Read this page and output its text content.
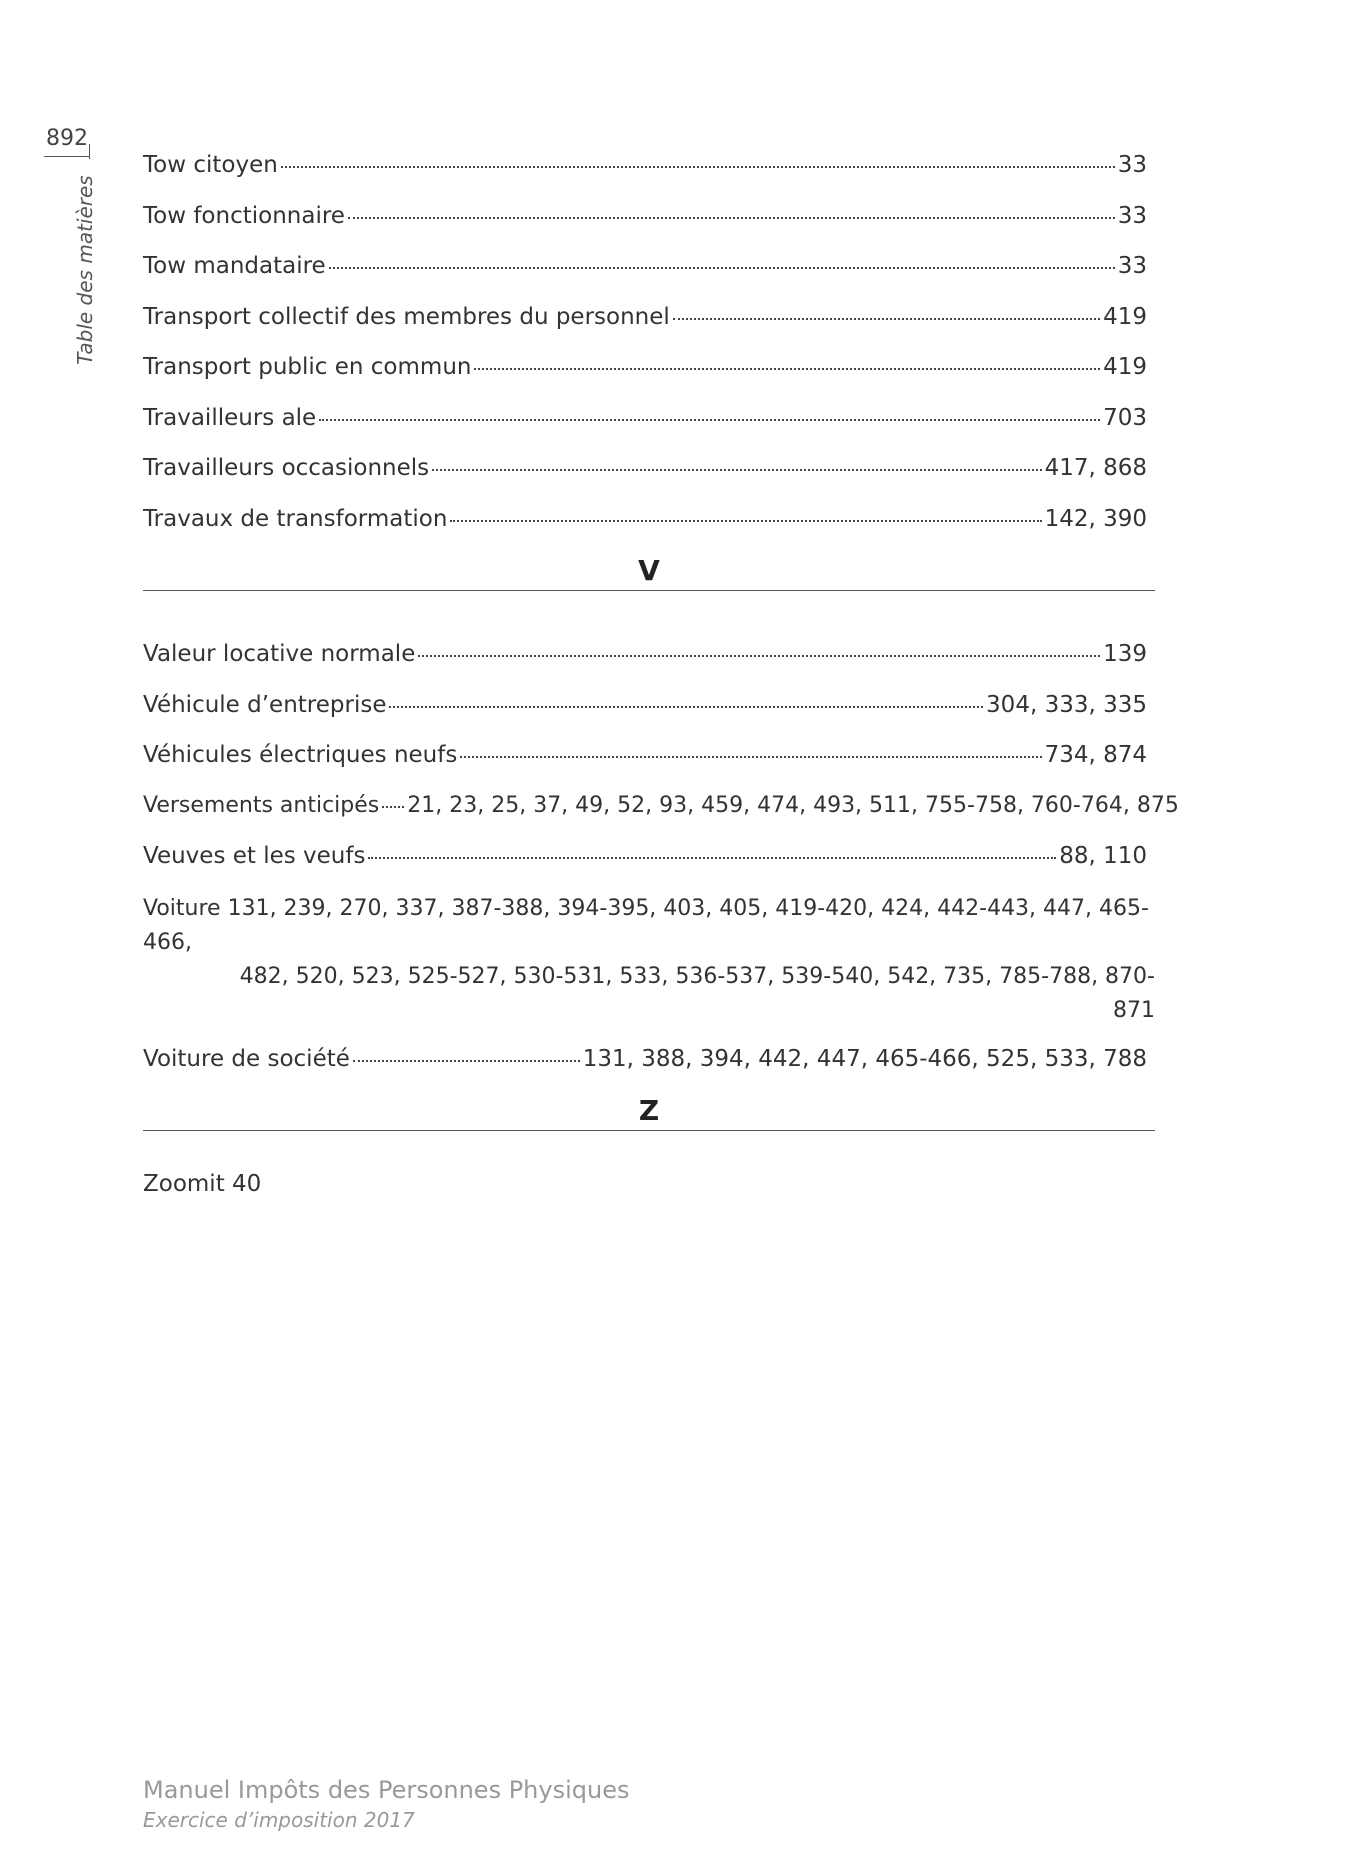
892
Table des matières
Tow citoyen	33
Tow fonctionnaire	33
Tow mandataire	33
Transport collectif des membres du personnel	419
Transport public en commun	419
Travailleurs ale	703
Travailleurs occasionnels	417, 868
Travaux de transformation	142, 390
V
Valeur locative normale	139
Véhicule d’entreprise	304, 333, 335
Véhicules électriques neufs	734, 874
Versements anticipés 21, 23, 25, 37, 49, 52, 93, 459, 474, 493, 511, 755-758, 760-764, 875
Veuves et les veufs	88, 110
Voiture 131, 239, 270, 337, 387-388, 394-395, 403, 405, 419-420, 424, 442-443, 447, 465-466,
482, 520, 523, 525-527, 530-531, 533, 536-537, 539-540, 542, 735, 785-788, 870-871
Voiture de société	131, 388, 394, 442, 447, 465-466, 525, 533, 788
Z
Zoomit 40
Manuel Impôts des Personnes Physiques
Exercice d’imposition 2017
